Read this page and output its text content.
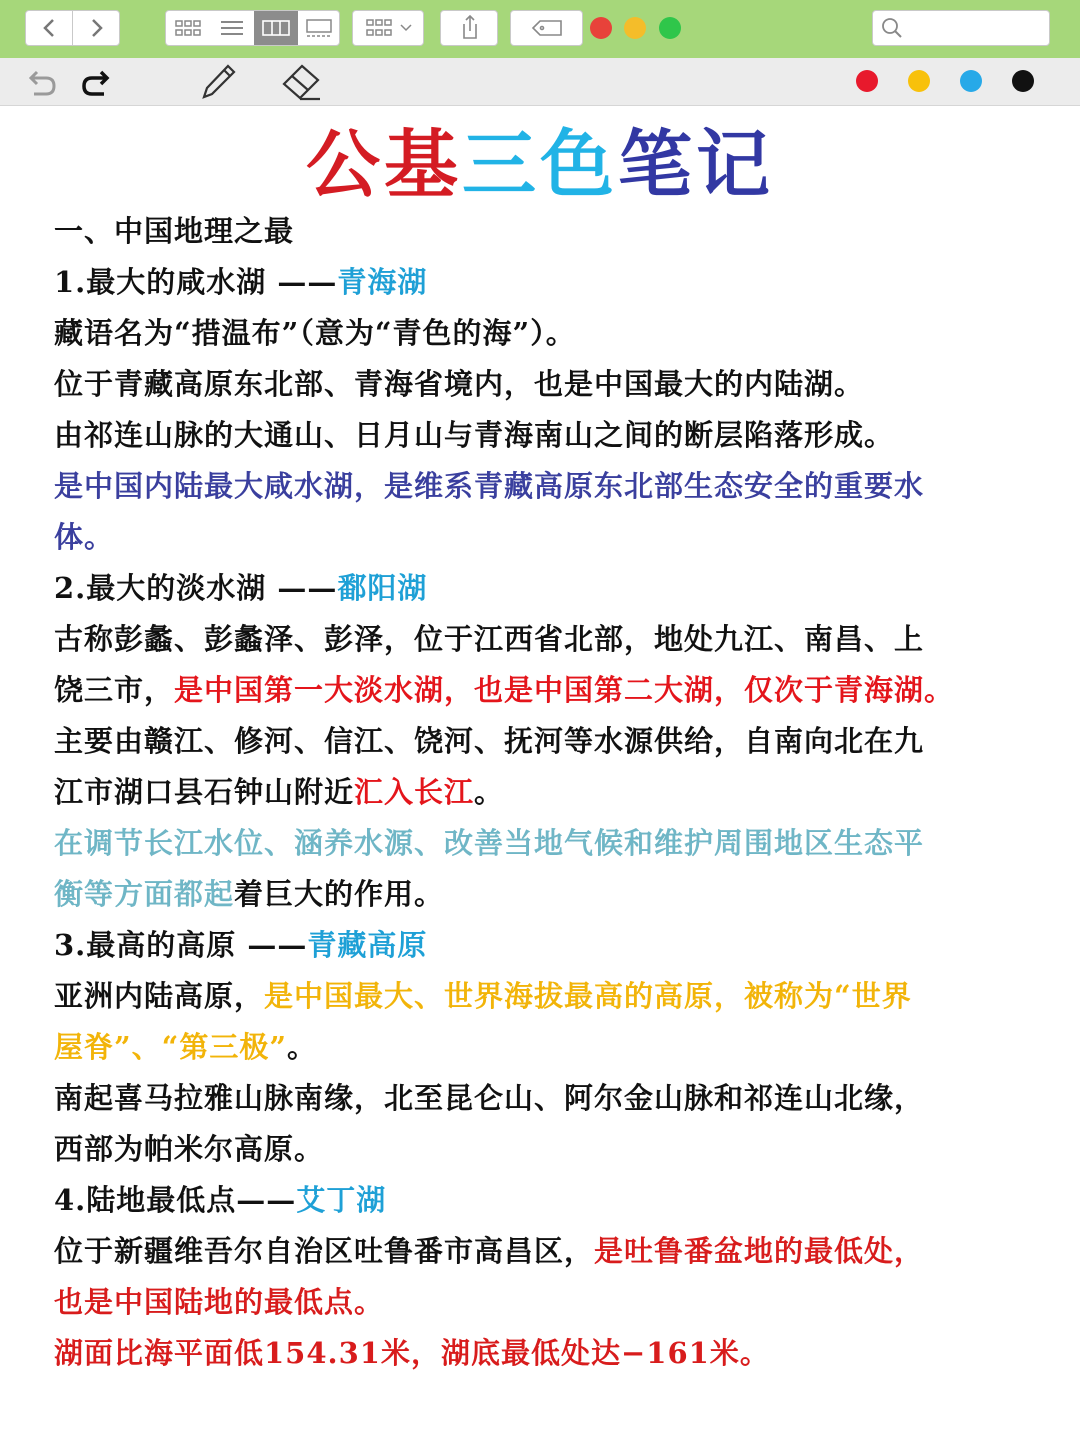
公基三色笔记

一、中国地理之最

1.最大的咸水湖 ——青海湖

藏语名为“措温布”（意为“青色的海”）。

位于青藏高原东北部、青海省境内，也是中国最大的内陆湖。

由祁连山脉的大通山、日月山与青海南山之间的断层陷落形成。

是中国内陆最大咸水湖，是维系青藏高原东北部生态安全的重要水

体。

2.最大的淡水湖 ——鄱阳湖

古称彭蠡、彭蠡泽、彭泽，位于江西省北部，地处九江、南昌、上

饶三市，是中国第一大淡水湖，也是中国第二大湖，仅次于青海湖。

主要由赣江、修河、信江、饶河、抚河等水源供给，自南向北在九

江市湖口县石钟山附近汇入长江。

在调节长江水位、涵养水源、改善当地气候和维护周围地区生态平

衡等方面都起着巨大的作用。

3.最高的高原 ——青藏高原

亚洲内陆高原，是中国最大、世界海拔最高的高原，被称为“世界

屋脊”、“第三极”。

南起喜马拉雅山脉南缘，北至昆仑山、阿尔金山脉和祁连山北缘，

西部为帕米尔高原。

4.陆地最低点——艾丁湖

位于新疆维吾尔自治区吐鲁番市高昌区，是吐鲁番盆地的最低处，

也是中国陆地的最低点。

湖面比海平面低154.31米，湖底最低处达−161米。
